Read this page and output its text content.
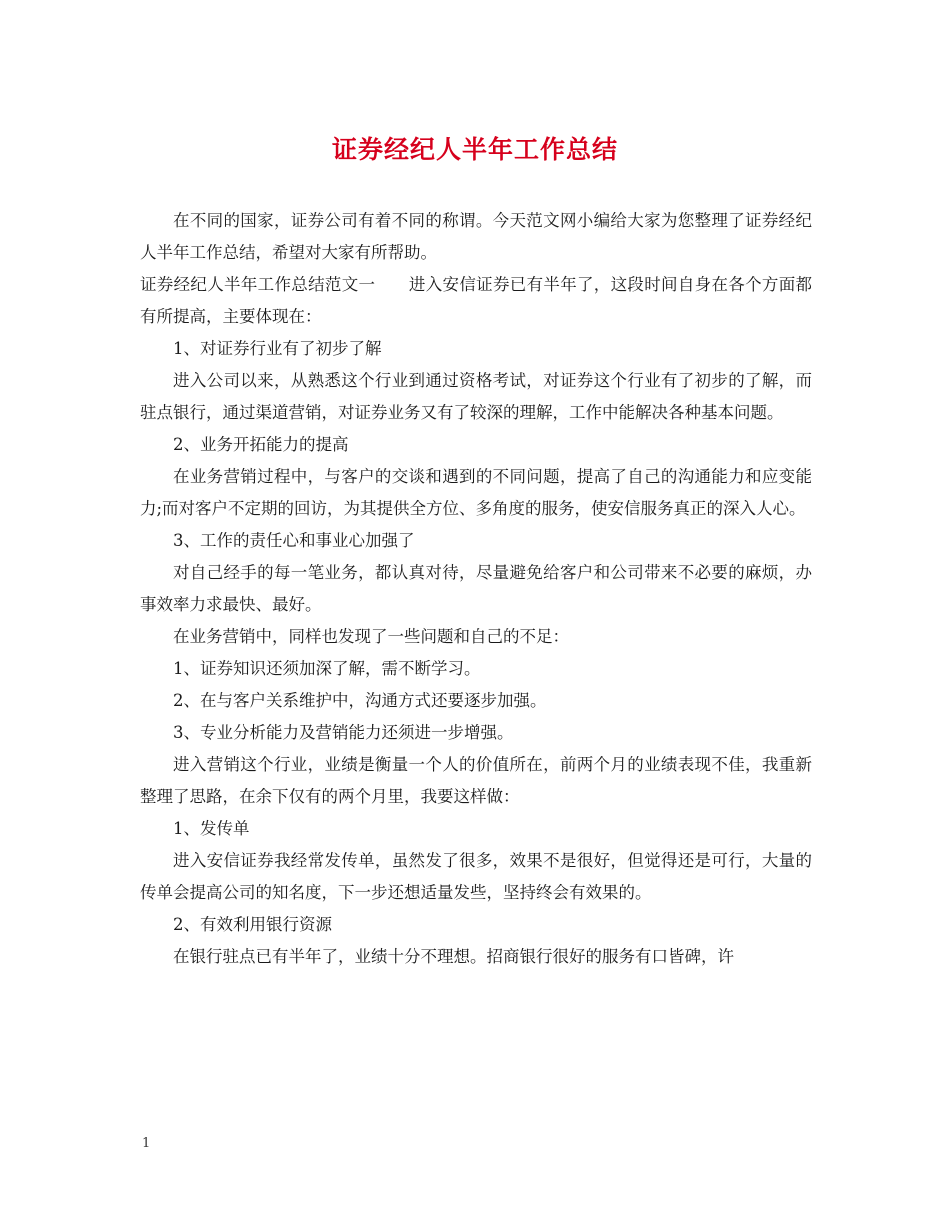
证券经纪人半年工作总结

在不同的国家，证券公司有着不同的称谓。今天范文网小编给大家为您整理了证券经纪人半年工作总结，希望对大家有所帮助。

证券经纪人半年工作总结范文一　　进入安信证券已有半年了，这段时间自身在各个方面都有所提高，主要体现在：

1、对证券行业有了初步了解

进入公司以来，从熟悉这个行业到通过资格考试，对证券这个行业有了初步的了解，而驻点银行，通过渠道营销，对证券业务又有了较深的理解，工作中能解决各种基本问题。

2、业务开拓能力的提高

在业务营销过程中，与客户的交谈和遇到的不同问题，提高了自己的沟通能力和应变能力;而对客户不定期的回访，为其提供全方位、多角度的服务，使安信服务真正的深入人心。

3、工作的责任心和事业心加强了

对自己经手的每一笔业务，都认真对待，尽量避免给客户和公司带来不必要的麻烦，办事效率力求最快、最好。

在业务营销中，同样也发现了一些问题和自己的不足：

1、证券知识还须加深了解，需不断学习。

2、在与客户关系维护中，沟通方式还要逐步加强。

3、专业分析能力及营销能力还须进一步增强。

进入营销这个行业，业绩是衡量一个人的价值所在，前两个月的业绩表现不佳，我重新整理了思路，在余下仅有的两个月里，我要这样做：

1、发传单

进入安信证券我经常发传单，虽然发了很多，效果不是很好，但觉得还是可行，大量的传单会提高公司的知名度，下一步还想适量发些，坚持终会有效果的。

2、有效利用银行资源

在银行驻点已有半年了，业绩十分不理想。招商银行很好的服务有口皆碑，许

1
